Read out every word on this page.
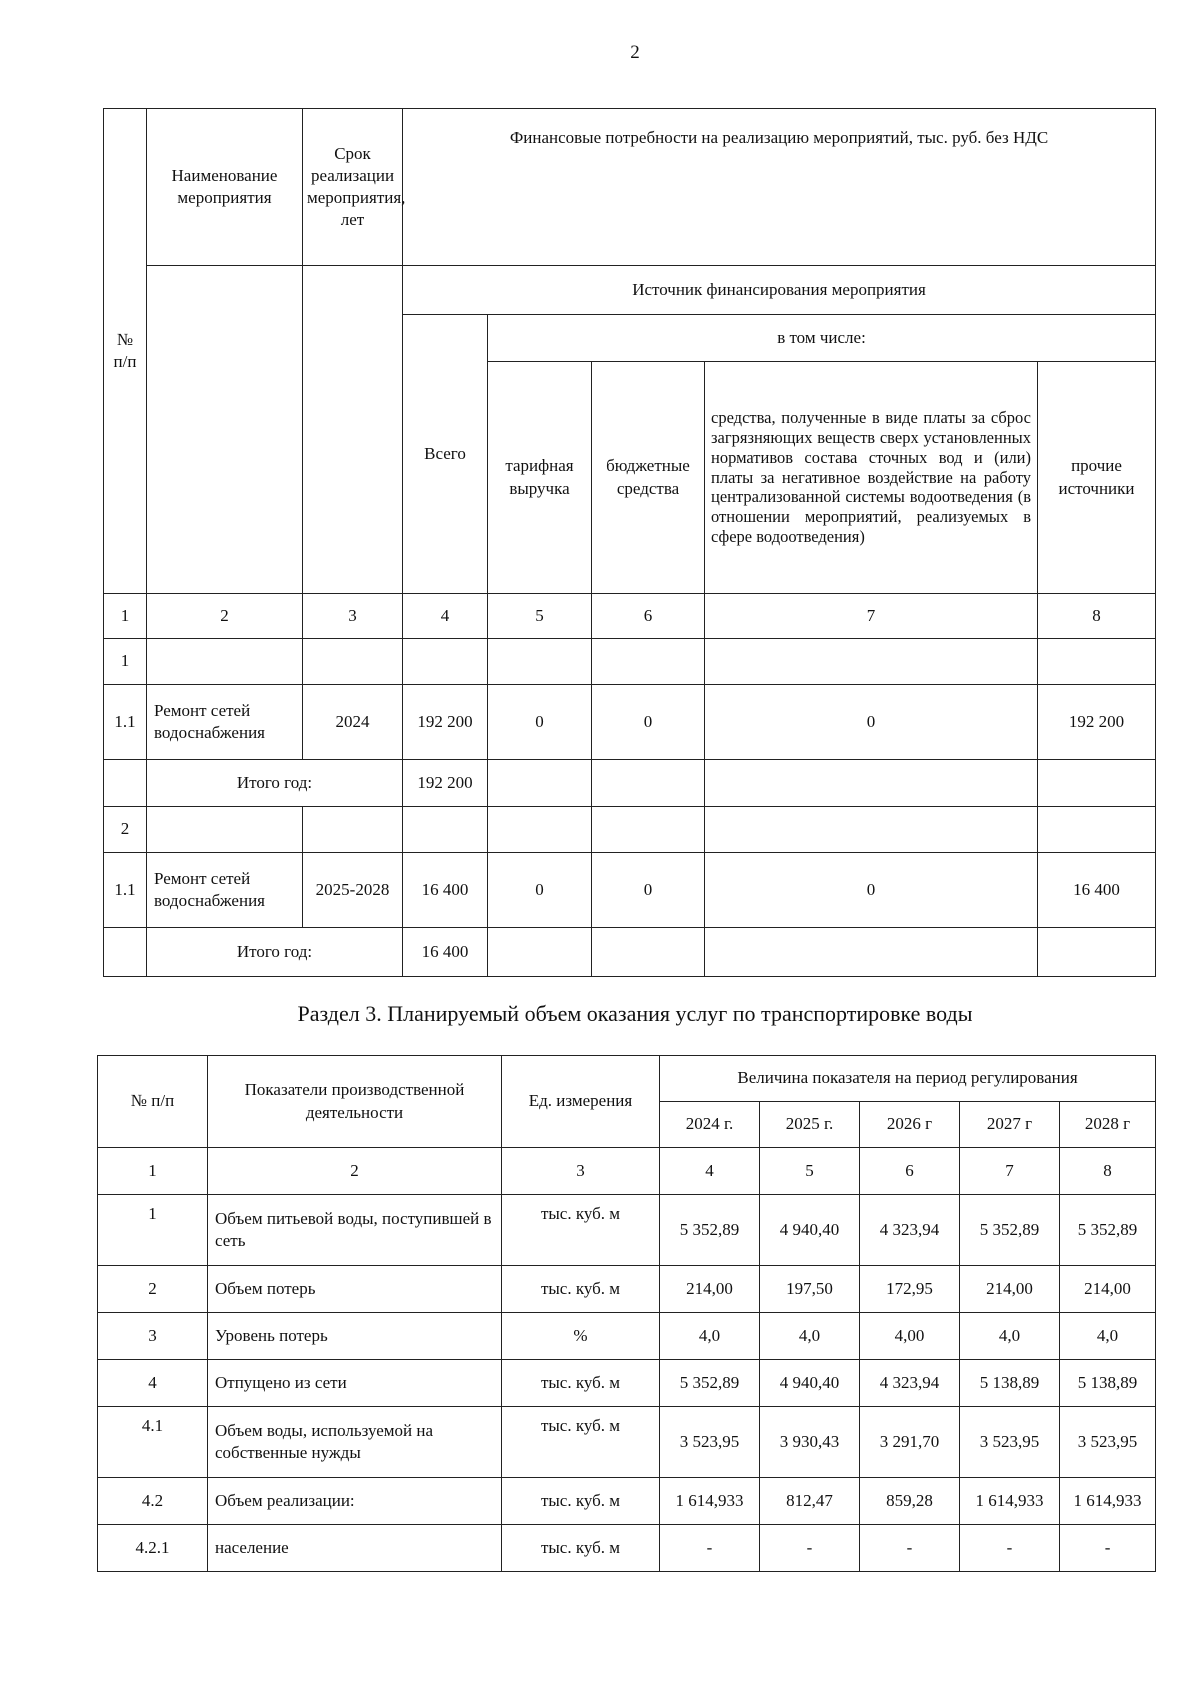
2
№ п/п	Наименование мероприятия	Срок реализации мероприятия, лет	Финансовые потребности на реализацию мероприятий, тыс. руб. без НДС				
			Источник финансирования мероприятия				
			Всего	в том числе:			
				тарифная выручка	бюджетные средства	средства, полученные в виде платы за сброс загрязняющих веществ сверх установленных нормативов состава сточных вод и (или) платы за негативное воздействие на работу централизованной системы водоотведения (в отношении мероприятий, реализуемых в сфере водоотведения)	прочие источники
1	2	3	4	5	6	7	8
1							
1.1	Ремонт сетей водоснабжения	2024	192 200	0	0	0	192 200
	Итого год:		192 200				
2							
1.1	Ремонт сетей водоснабжения	2025-2028	16 400	0	0	0	16 400
	Итого год:		16 400				
Раздел 3. Планируемый объем оказания услуг по транспортировке воды
№ п/п	Показатели производственной деятельности	Ед. измерения	Величина показателя на период регулирования				
			2024 г.	2025 г.	2026 г	2027 г	2028 г
1	2	3	4	5	6	7	8
1	Объем питьевой воды, поступившей в сеть	тыс. куб. м	5 352,89	4 940,40	4 323,94	5 352,89	5 352,89
2	Объем потерь	тыс. куб. м	214,00	197,50	172,95	214,00	214,00
3	Уровень потерь	%	4,0	4,0	4,00	4,0	4,0
4	Отпущено из сети	тыс. куб. м	5 352,89	4 940,40	4 323,94	5 138,89	5 138,89
4.1	Объем воды, используемой на собственные нужды	тыс. куб. м	3 523,95	3 930,43	3 291,70	3 523,95	3 523,95
4.2	Объем реализации:	тыс. куб. м	1 614,933	812,47	859,28	1 614,933	1 614,933
4.2.1	население	тыс. куб. м	-	-	-	-	-
